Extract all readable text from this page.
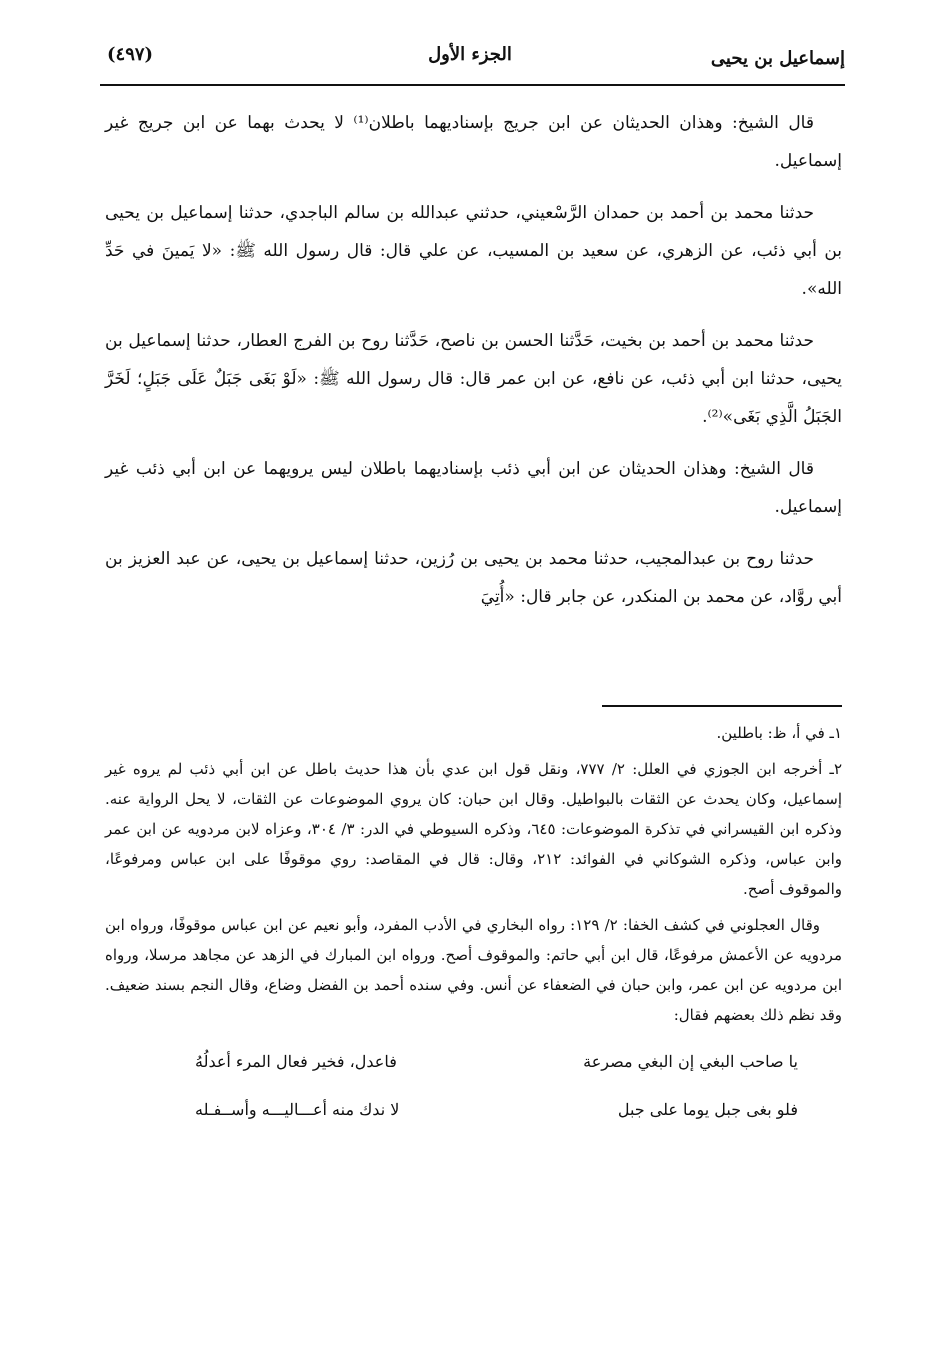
إسماعيل بن يحيى
الجزء الأول
(٤٩٧)

قال الشيخ: وهذان الحديثان عن ابن جريج بإسناديهما باطلان⁽¹⁾ لا يحدث بهما عن ابن جريج غير إسماعيل.

حدثنا محمد بن أحمد بن حمدان الرَّسْعيني، حدثني عبدالله بن سالم الباجدي، حدثنا إسماعيل بن يحيى بن أبي ذئب، عن الزهري، عن سعيد بن المسيب، عن علي قال: قال رسول الله ﷺ: «لا يَمينَ في حَدِّ الله».

حدثنا محمد بن أحمد بن بخيت، حَدَّثنا الحسن بن ناصح، حَدَّثنا روح بن الفرج العطار، حدثنا إسماعيل بن يحيى، حدثنا ابن أبي ذئب، عن نافع، عن ابن عمر قال: قال رسول الله ﷺ: «لَوْ بَغَى جَبَلٌ عَلَى جَبَلٍ؛ لَخَرَّ الجَبَلُ الَّذِي بَغَى»⁽²⁾.

قال الشيخ: وهذان الحديثان عن ابن أبي ذئب بإسناديهما باطلان ليس يرويهما عن ابن أبي ذئب غير إسماعيل.

حدثنا روح بن عبدالمجيب، حدثنا محمد بن يحيى بن رُزين، حدثنا إسماعيل بن يحيى، عن عبد العزيز بن أبي روَّاد، عن محمد بن المنكدر، عن جابر قال: «أُتِيَ

١ـ في أ، ظ: باطلين.

٢ـ أخرجه ابن الجوزي في العلل: ٢/ ٧٧٧، ونقل قول ابن عدي بأن هذا حديث باطل عن ابن أبي ذئب لم يروه غير إسماعيل، وكان يحدث عن الثقات بالبواطيل. وقال ابن حبان: كان يروي الموضوعات عن الثقات، لا يحل الرواية عنه. وذكره ابن القيسراني في تذكرة الموضوعات: ٦٤٥، وذكره السيوطي في الدر: ٣/ ٣٠٤، وعزاه لابن مردويه عن ابن عمر وابن عباس، وذكره الشوكاني في الفوائد: ٢١٢، وقال: قال في المقاصد: روي موقوفًا على ابن عباس ومرفوعًا، والموقوف أصح.

وقال العجلوني في كشف الخفا: ٢/ ١٢٩: رواه البخاري في الأدب المفرد، وأبو نعيم عن ابن عباس موقوفًا، ورواه ابن مردويه عن الأعمش مرفوعًا، قال ابن أبي حاتم: والموقوف أصح. ورواه ابن المبارك في الزهد عن مجاهد مرسلا، ورواه ابن مردويه عن ابن عمر، وابن حبان في الضعفاء عن أنس. وفي سنده أحمد بن الفضل وضاع، وقال النجم بسند ضعيف. وقد نظم ذلك بعضهم فقال:

يا صاحب البغي إن البغي مصرعة
فاعدل، فخير فعال المرء أعدلُهُ
فلو بغى جبل يوما على جبل
لا ندك منه أعـــاليـــه وأســفـله
